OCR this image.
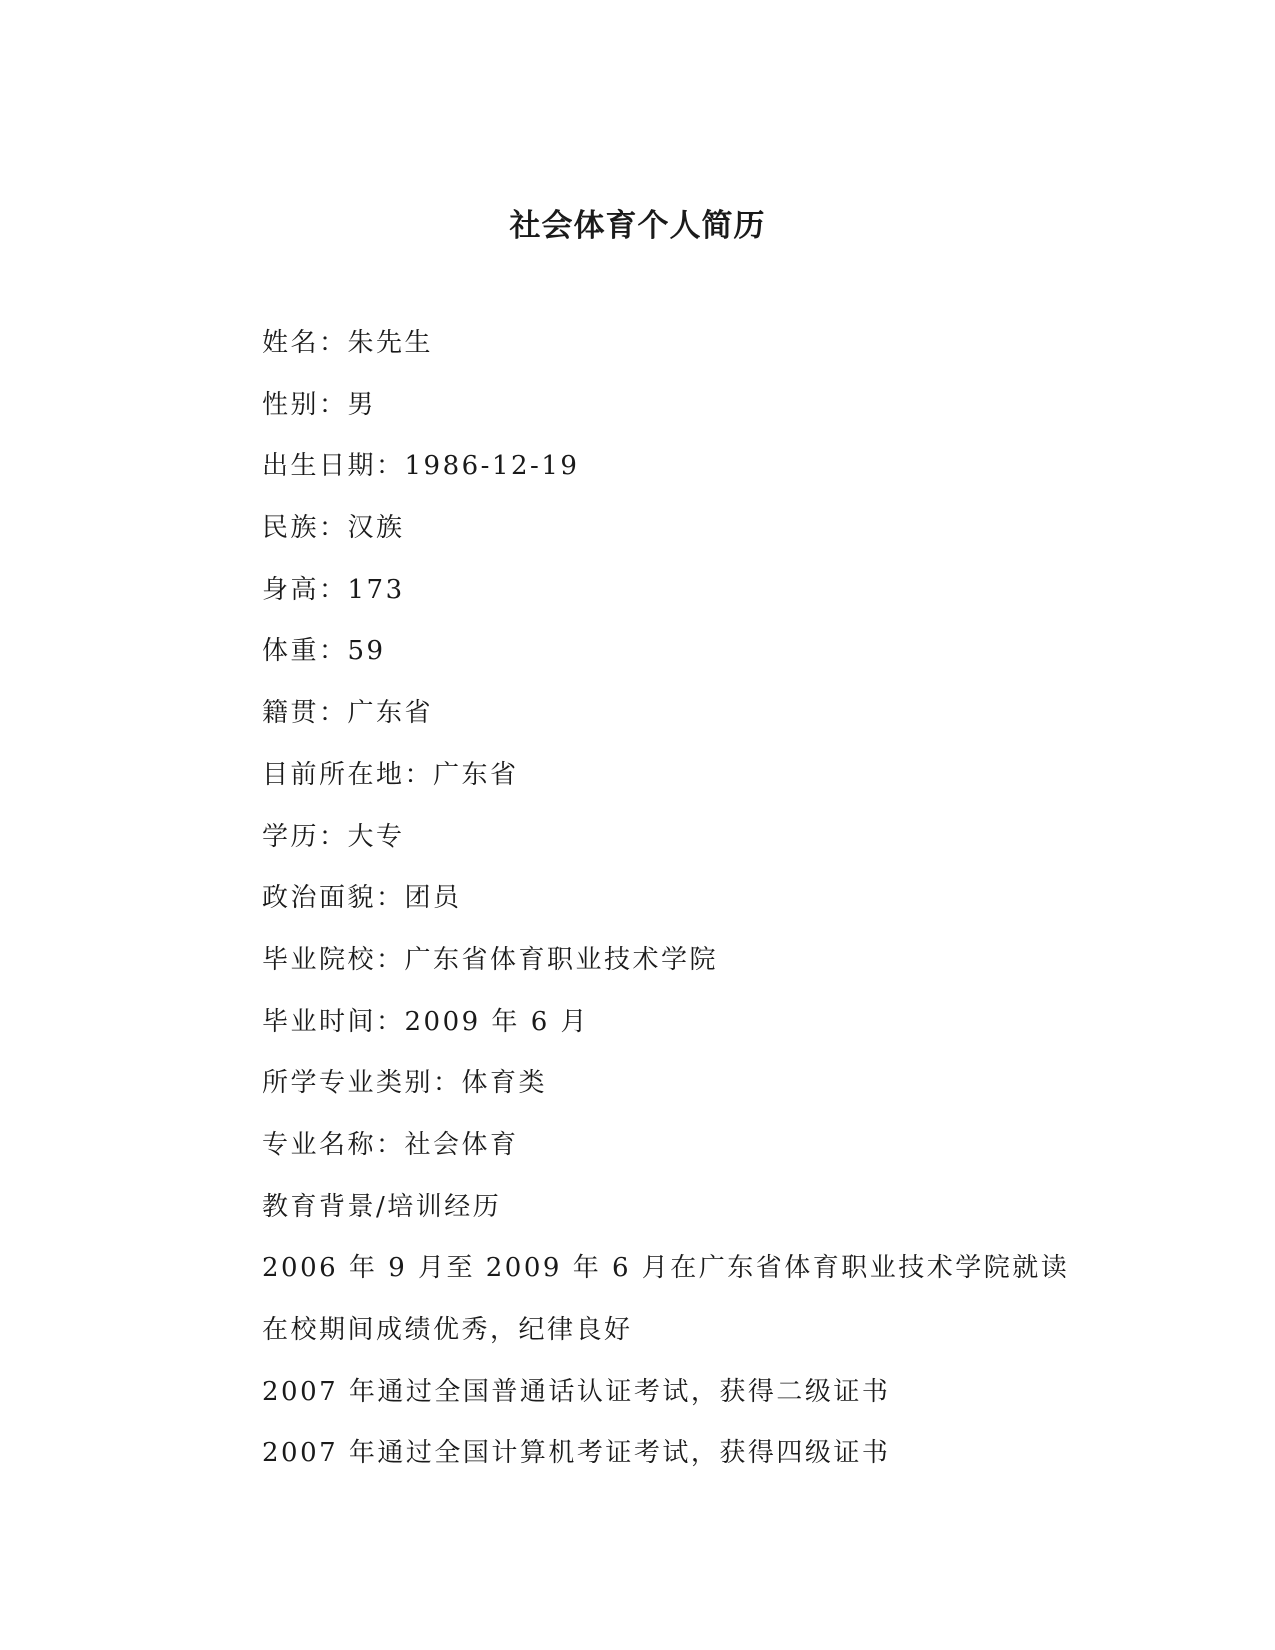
社会体育个人简历
姓名：朱先生
性别：男
出生日期：1986-12-19
民族：汉族
身高：173
体重：59
籍贯：广东省
目前所在地：广东省
学历：大专
政治面貌：团员
毕业院校：广东省体育职业技术学院
毕业时间：2009 年 6 月
所学专业类别：体育类
专业名称：社会体育
教育背景/培训经历
2006 年 9 月至 2009 年 6 月在广东省体育职业技术学院就读
在校期间成绩优秀，纪律良好
2007 年通过全国普通话认证考试，获得二级证书
2007 年通过全国计算机考证考试，获得四级证书
